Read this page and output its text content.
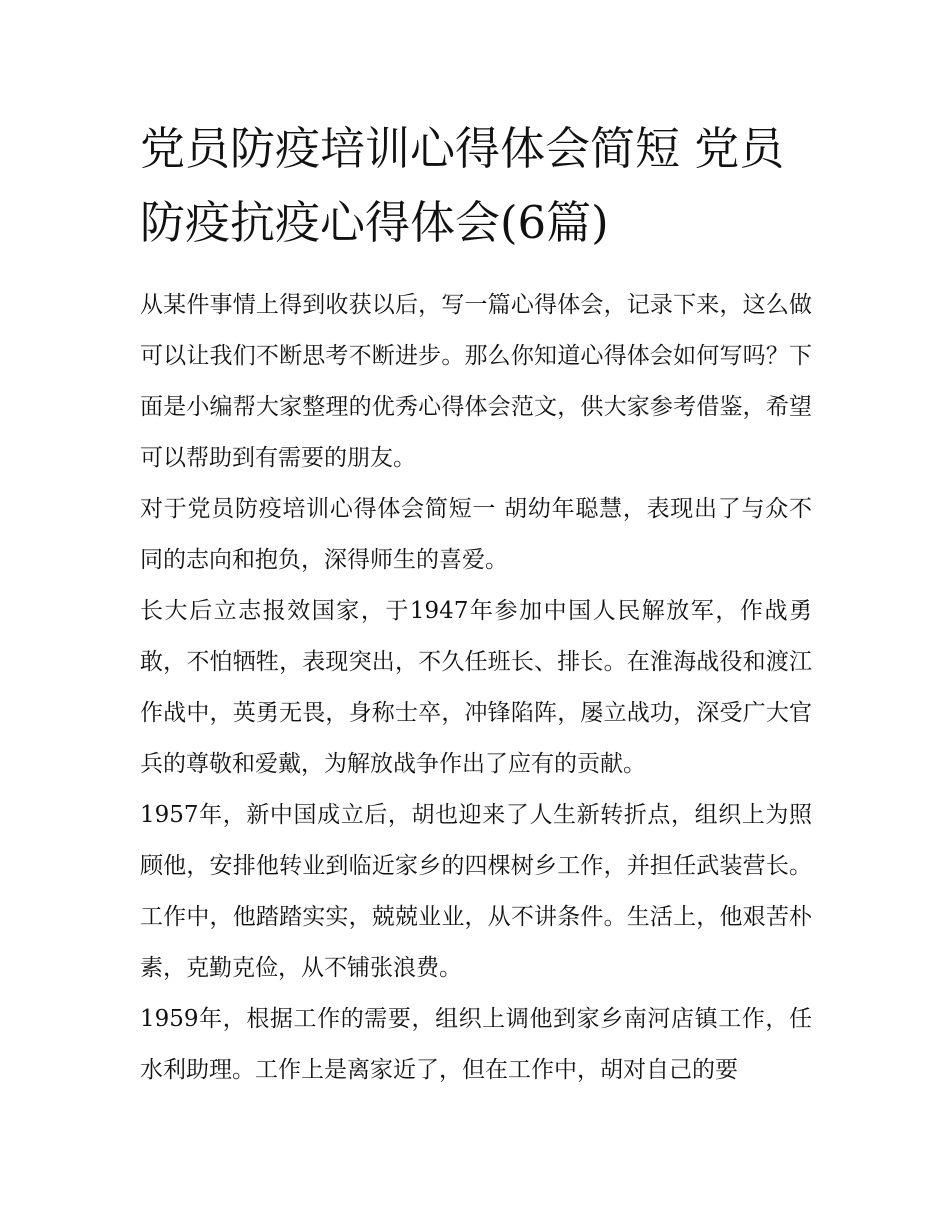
党员防疫培训心得体会简短 党员防疫抗疫心得体会(6篇)

从某件事情上得到收获以后，写一篇心得体会，记录下来，这么做可以让我们不断思考不断进步。那么你知道心得体会如何写吗？下面是小编帮大家整理的优秀心得体会范文，供大家参考借鉴，希望可以帮助到有需要的朋友。

对于党员防疫培训心得体会简短一 胡幼年聪慧，表现出了与众不同的志向和抱负，深得师生的喜爱。

长大后立志报效国家，于1947年参加中国人民解放军，作战勇敢，不怕牺牲，表现突出，不久任班长、排长。在淮海战役和渡江作战中，英勇无畏，身称士卒，冲锋陷阵，屡立战功，深受广大官兵的尊敬和爱戴，为解放战争作出了应有的贡献。

1957年，新中国成立后，胡也迎来了人生新转折点，组织上为照顾他，安排他转业到临近家乡的四棵树乡工作，并担任武装营长。工作中，他踏踏实实，兢兢业业，从不讲条件。生活上，他艰苦朴素，克勤克俭，从不铺张浪费。

1959年，根据工作的需要，组织上调他到家乡南河店镇工作，任水利助理。工作上是离家近了，但在工作中，胡对自己的要
